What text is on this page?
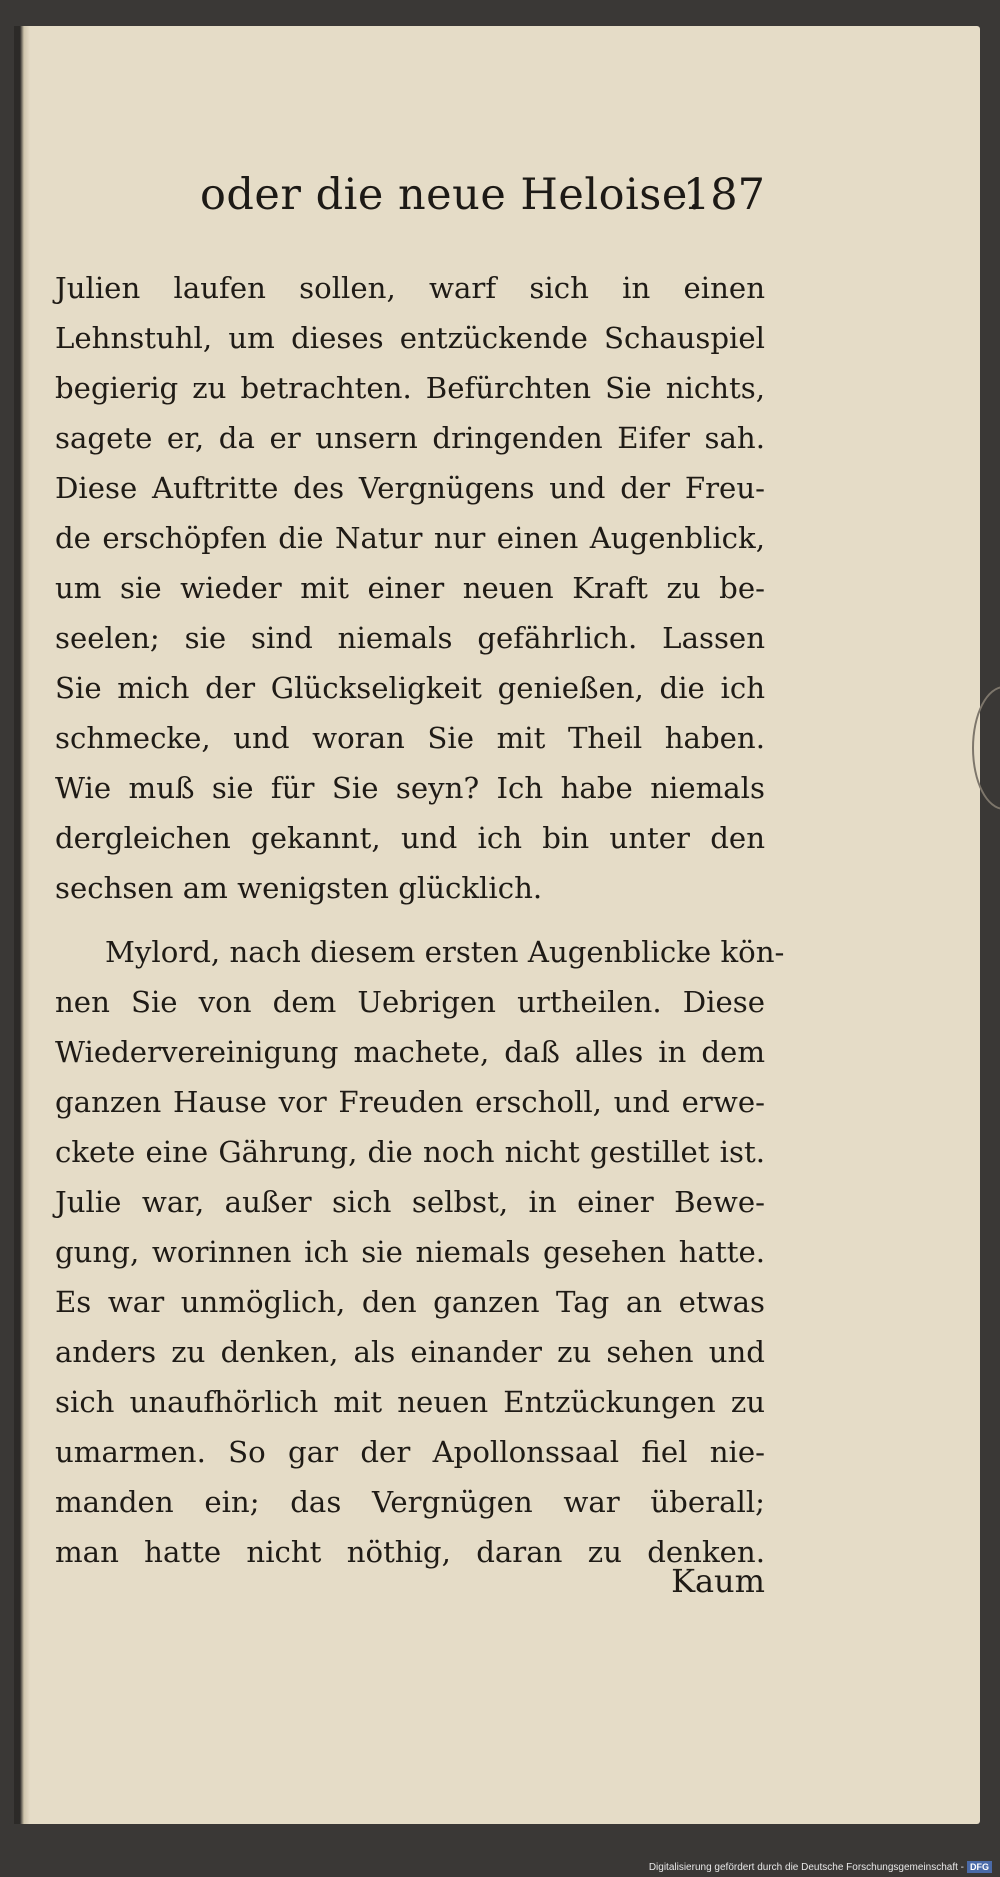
oder die neue Heloise.
187
Julien laufen sollen, warf sich in einen
Lehnstuhl, um dieses entzückende Schauspiel
begierig zu betrachten. Befürchten Sie nichts,
sagete er, da er unsern dringenden Eifer sah.
Diese Auftritte des Vergnügens und der Freu-
de erschöpfen die Natur nur einen Augenblick,
um sie wieder mit einer neuen Kraft zu be-
seelen; sie sind niemals gefährlich. Lassen
Sie mich der Glückseligkeit genießen, die ich
schmecke, und woran Sie mit Theil haben.
Wie muß sie für Sie seyn? Ich habe niemals
dergleichen gekannt, und ich bin unter den
sechsen am wenigsten glücklich.
Mylord, nach diesem ersten Augenblicke kön-
nen Sie von dem Uebrigen urtheilen. Diese
Wiedervereinigung machete, daß alles in dem
ganzen Hause vor Freuden erscholl, und erwe-
ckete eine Gährung, die noch nicht gestillet ist.
Julie war, außer sich selbst, in einer Bewe-
gung, worinnen ich sie niemals gesehen hatte.
Es war unmöglich, den ganzen Tag an etwas
anders zu denken, als einander zu sehen und
sich unaufhörlich mit neuen Entzückungen zu
umarmen. So gar der Apollonssaal fiel nie-
manden ein; das Vergnügen war überall;
man hatte nicht nöthig, daran zu denken.
Kaum
Digitalisierung gefördert durch die Deutsche Forschungsgemeinschaft - DFG
